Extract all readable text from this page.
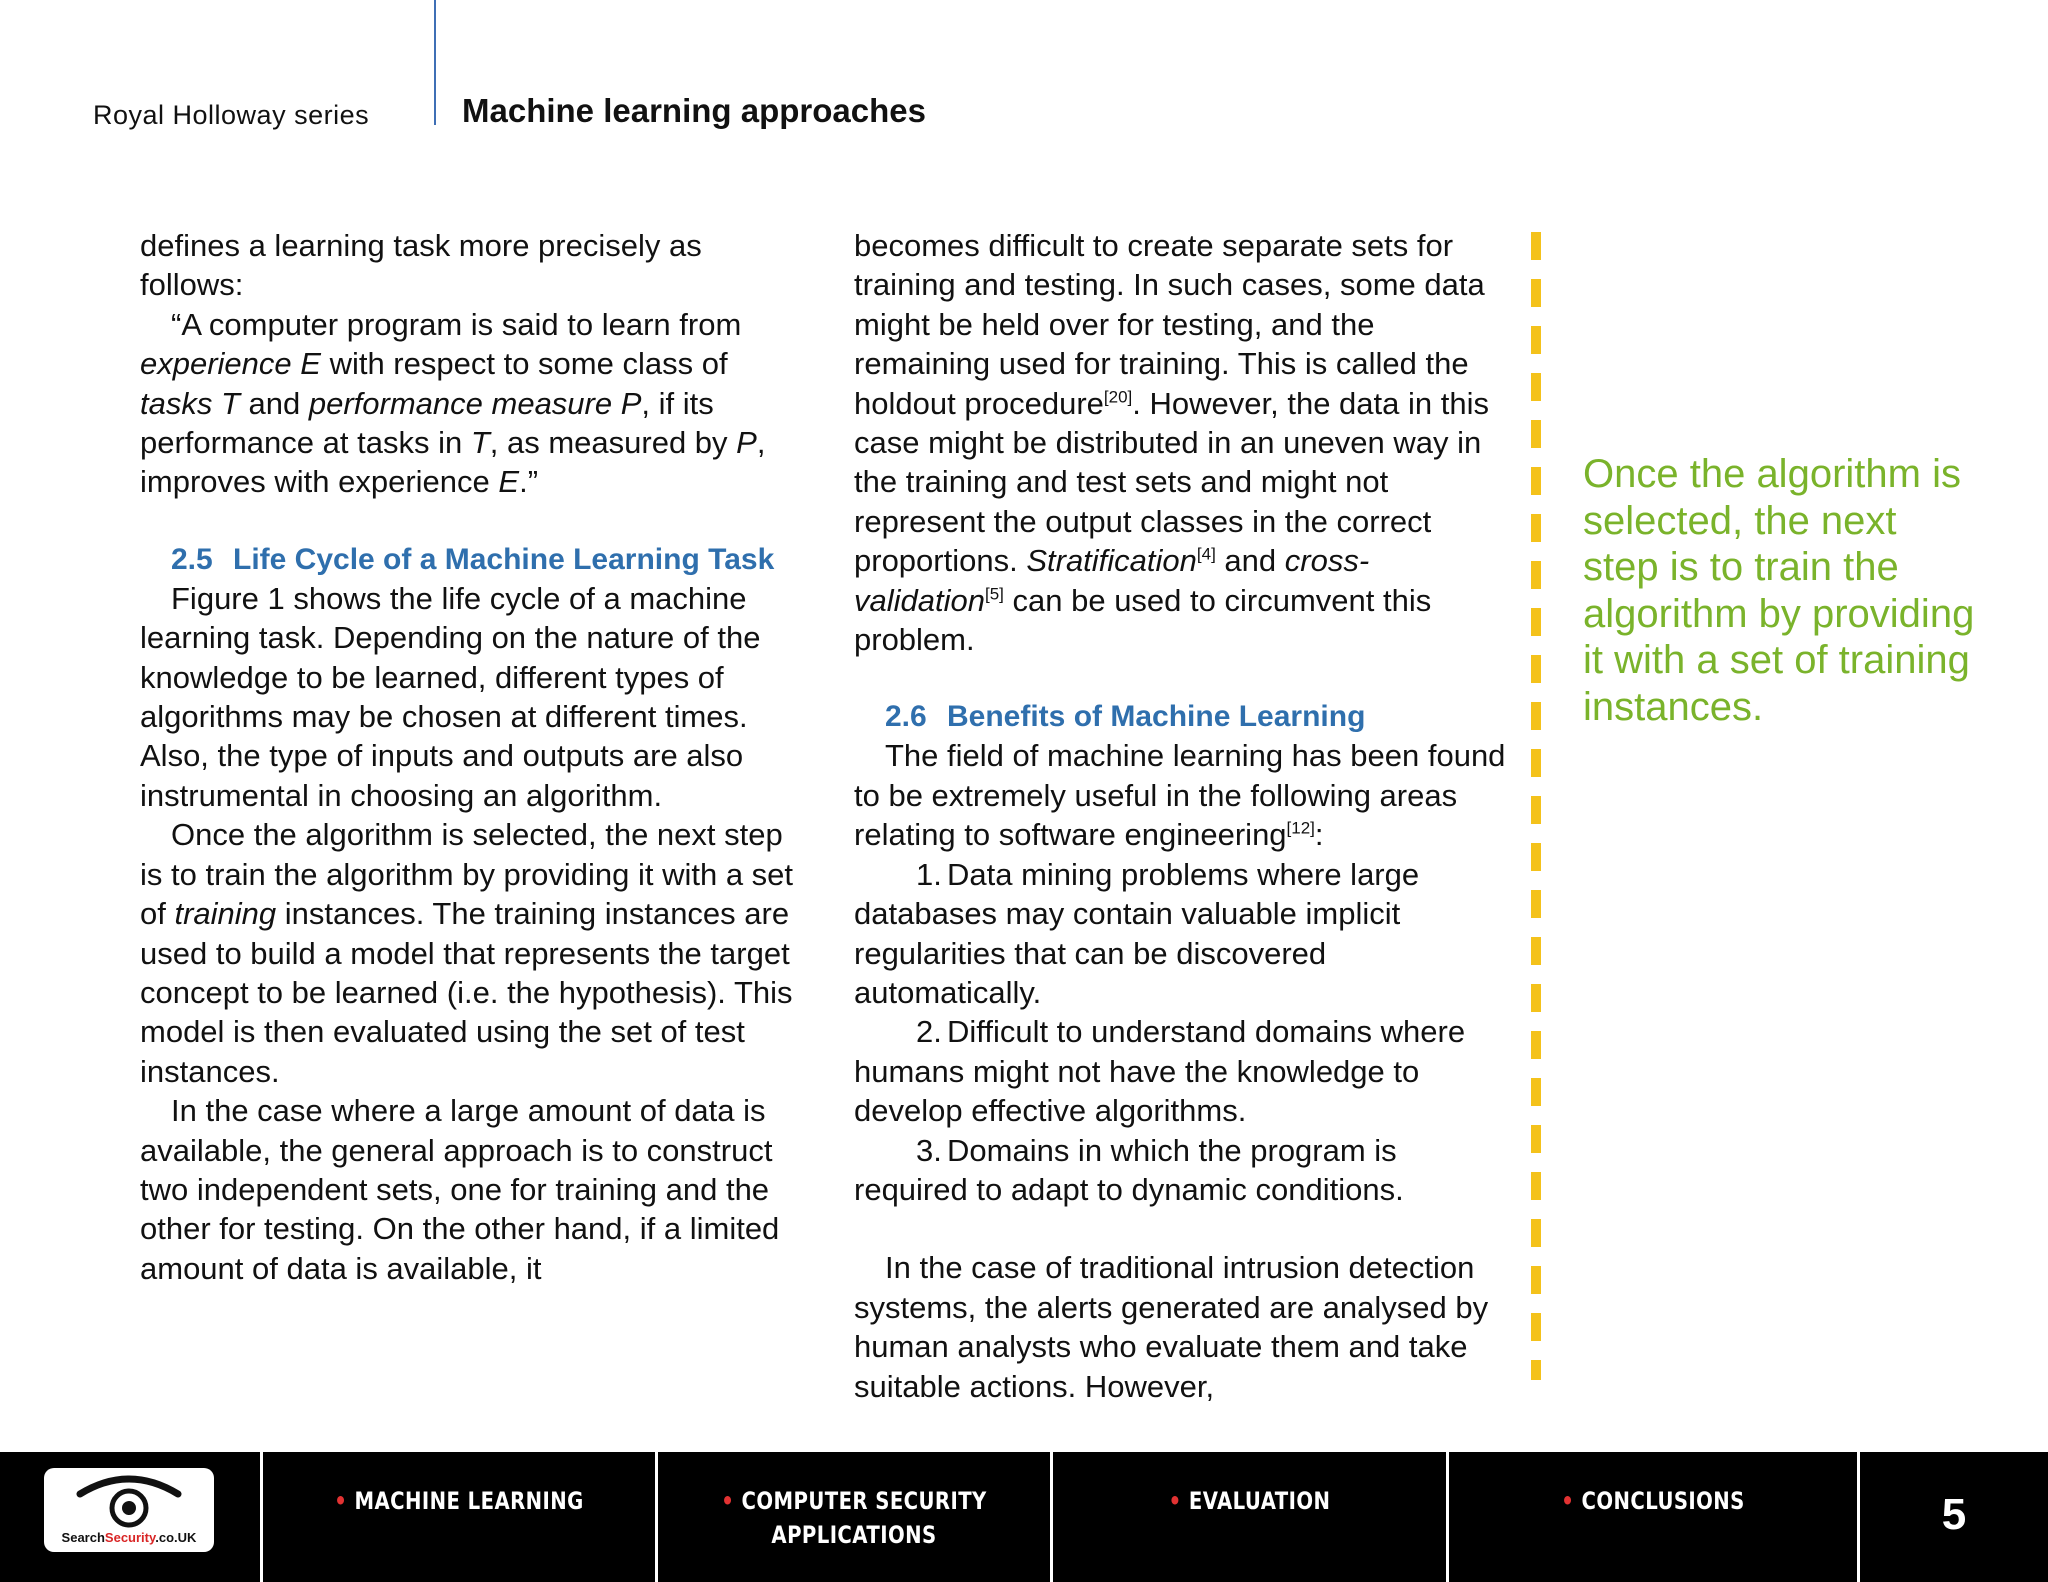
Royal Holloway series	Machine learning approaches

defines a learning task more precisely as

follows:

“A computer program is said to learn from experience E with respect to some class of tasks T and performance measure P, if its performance at tasks in T, as measured by P, improves with experience E.”

2.5 Life Cycle of a Machine Learning Task

Figure 1 shows the life cycle of a machine learning task. Depending on the nature of the knowledge to be learned, different types of algorithms may be chosen at different times. Also, the type of inputs and outputs are also instrumental in choosing an algorithm.

Once the algorithm is selected, the next step is to train the algorithm by providing it with a set of training instances. The training instances are used to build a model that represents the target concept to be learned (i.e. the hypothesis). This model is then evaluated using the set of test instances.

In the case where a large amount of data is available, the general approach is to construct two independent sets, one for training and the other for testing. On the other hand, if a limited amount of data is available, it

becomes difficult to create separate sets for training and testing. In such cases, some data might be held over for testing, and the remaining used for training. This is called the holdout procedure[20]. However, the data in this case might be distributed in an uneven way in the training and test sets and might not represent the output classes in the correct proportions. Stratification[4] and cross-validation[5] can be used to circumvent this problem.

2.6 Benefits of Machine Learning

The field of machine learning has been found to be extremely useful in the following areas relating to software engineering[12]:

1. Data mining problems where large databases may contain valuable implicit regularities that can be discovered automatically.

2. Difficult to understand domains where humans might not have the knowledge to develop effective algorithms.

3. Domains in which the program is required to adapt to dynamic conditions.

In the case of traditional intrusion detection systems, the alerts generated are analysed by human analysts who evaluate them and take suitable actions. However,

Once the algorithm is selected, the next step is to train the algorithm by providing it with a set of training instances.
SearchSecurity.co.UK
• MACHINE LEARNING	• COMPUTER SECURITY
APPLICATIONS
• EVALUATION	• CONCLUSIONS	5
